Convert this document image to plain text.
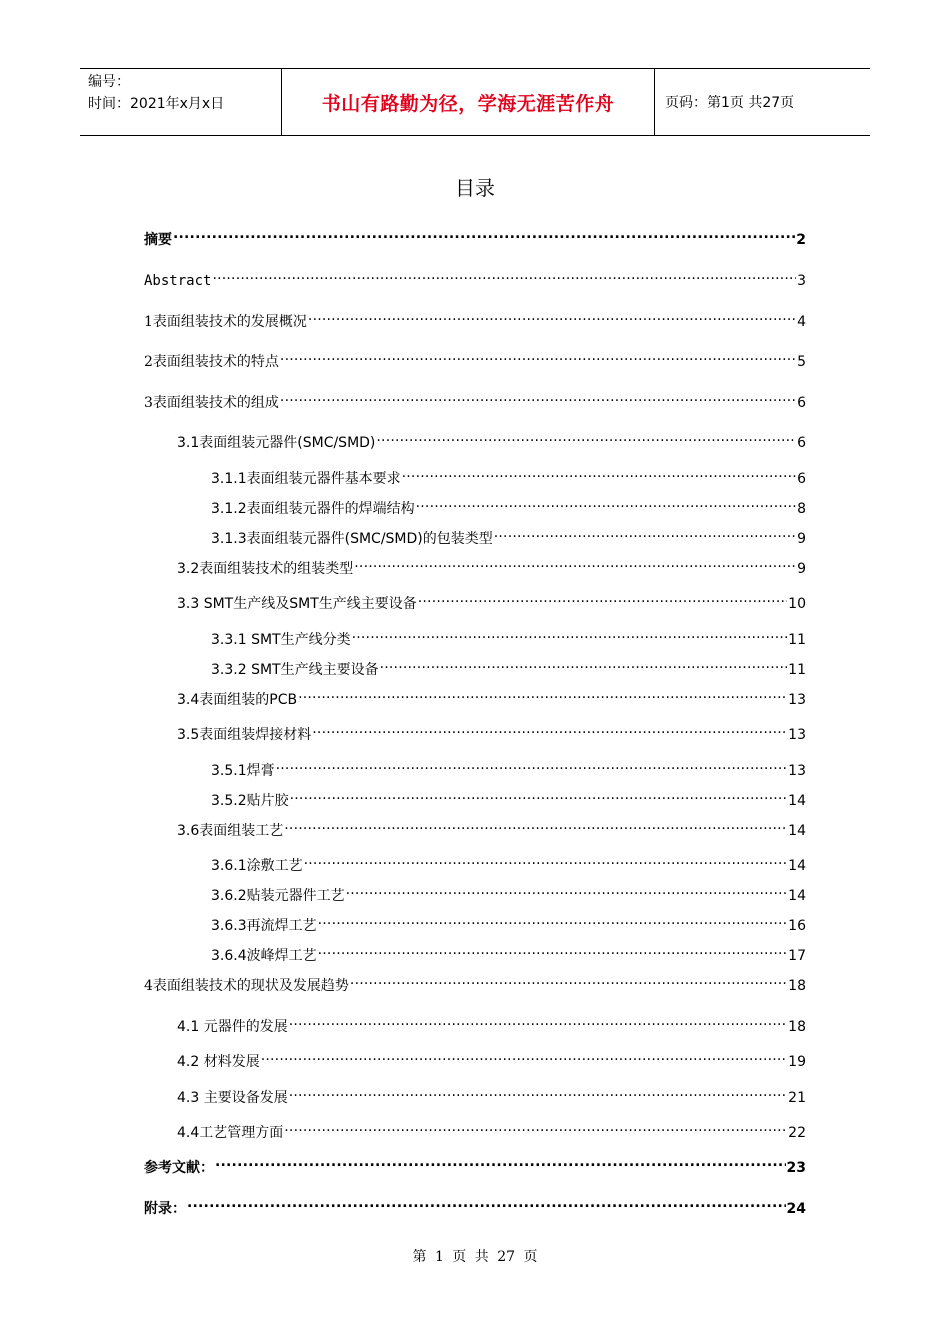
编号：
时间：2021年x月x日	书山有路勤为径，学海无涯苦作舟	页码：第1页 共27页
目录
摘要 .....	2
Abstract .....	3
1表面组装技术的发展概况 .....	4
2表面组装技术的特点 .....	5
3表面组装技术的组成 .....	6
3.1表面组装元器件(SMC/SMD) .....	6
3.1.1表面组装元器件基本要求 .....	6
3.1.2表面组装元器件的焊端结构 .....	8
3.1.3表面组装元器件(SMC/SMD)的包装类型 .....	9
3.2表面组装技术的组装类型 .....	9
3.3 SMT生产线及SMT生产线主要设备 .....	10
3.3.1 SMT生产线分类 .....	11
3.3.2 SMT生产线主要设备 .....	11
3.4表面组装的PCB .....	13
3.5表面组装焊接材料 .....	13
3.5.1焊膏 .....	13
3.5.2贴片胶 .....	14
3.6表面组装工艺 .....	14
3.6.1涂敷工艺 .....	14
3.6.2贴装元器件工艺 .....	14
3.6.3再流焊工艺 .....	16
3.6.4波峰焊工艺 .....	17
4表面组装技术的现状及发展趋势 .....	18
4.1 元器件的发展 .....	18
4.2 材料发展 .....	19
4.3 主要设备发展 .....	21
4.4工艺管理方面 .....	22
参考文献： .....	23
附录： .....	24
第 1 页 共 27 页
